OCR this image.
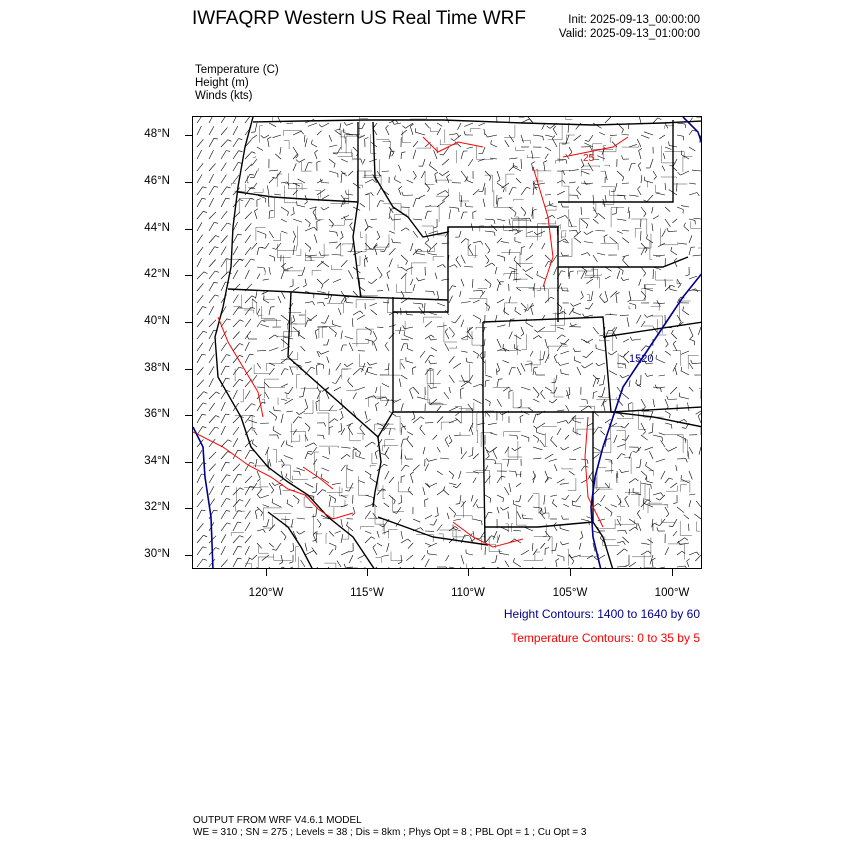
IWFAQRP Western US Real Time WRF	Init: 2025-09-13_00:00:00
Valid: 2025-09-13_01:00:00
Temperature (C)
Height (m)
Winds (kts)
1520
25
48°N
46°N
44°N
42°N
40°N
38°N
36°N
34°N
32°N
30°N
120°W	115°W	110°W	105°W	100°W
Height Contours: 1400 to 1640 by 60
Temperature Contours: 0 to 35 by 5
OUTPUT FROM WRF V4.6.1 MODEL
WE = 310 ; SN = 275 ; Levels = 38 ; Dis = 8km ; Phys Opt = 8 ; PBL Opt = 1 ; Cu Opt = 3
